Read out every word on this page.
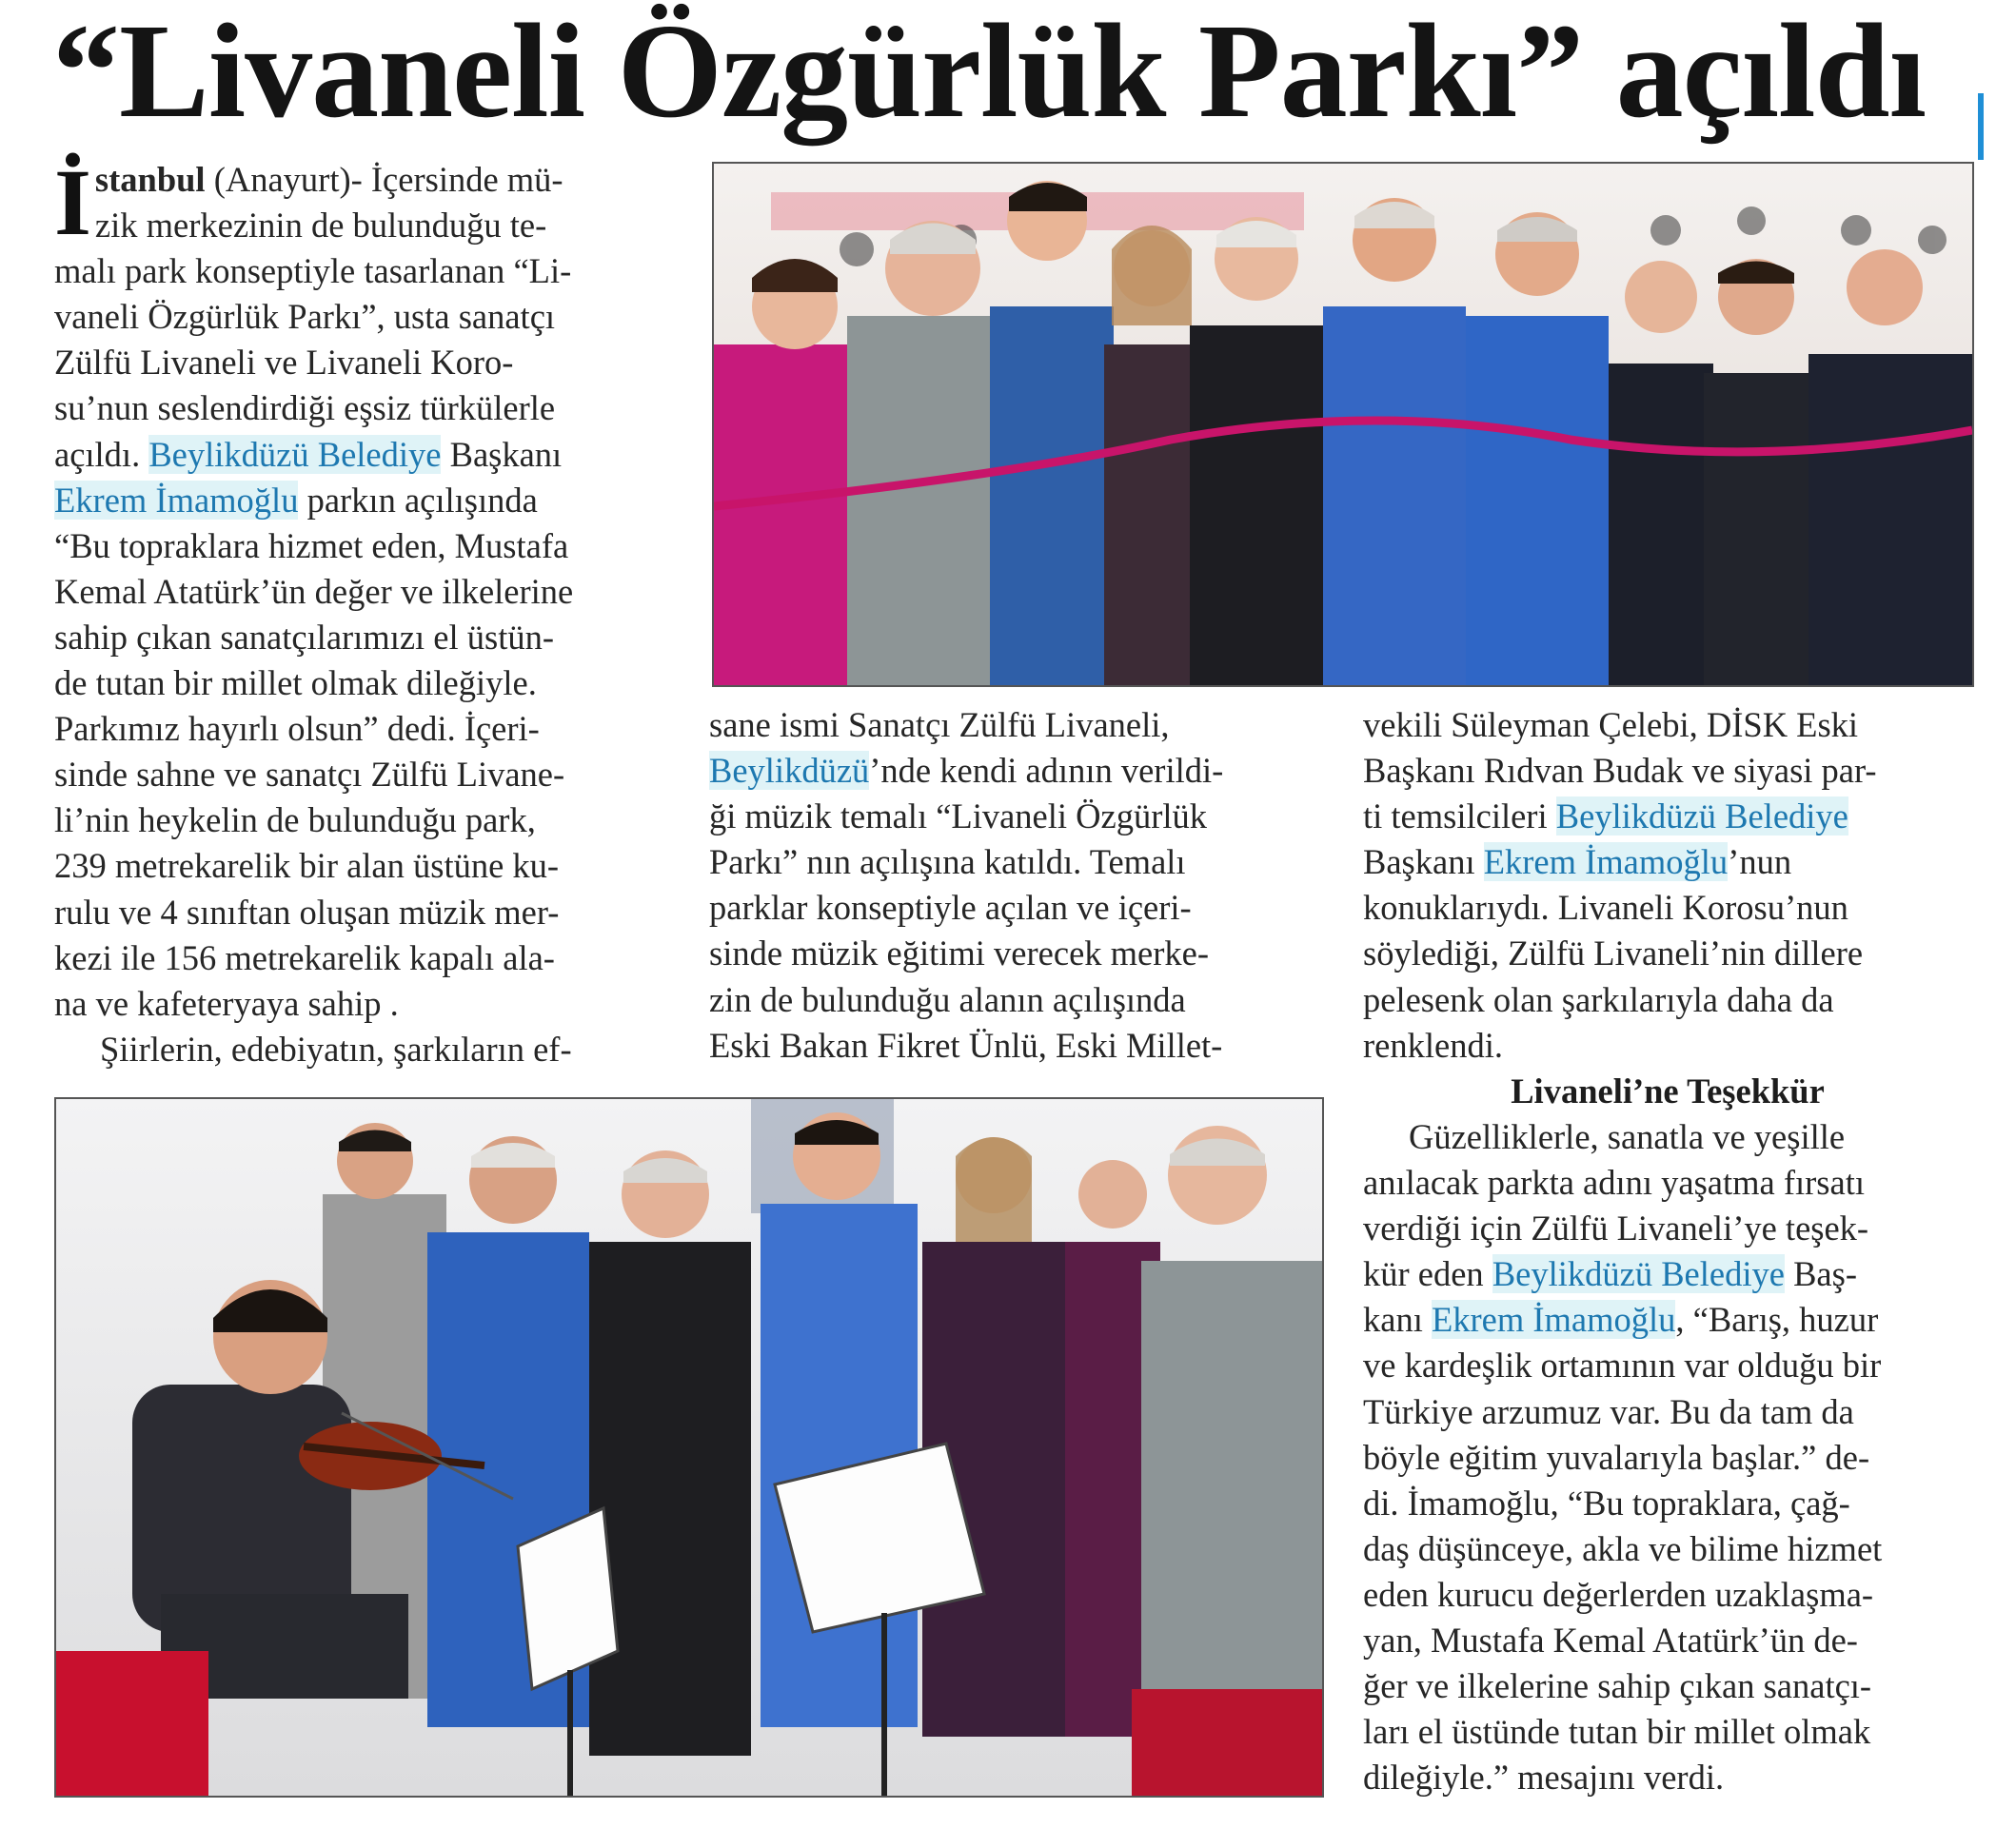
“Livaneli Özgürlük Parkı” açıldı
İ stanbul (Anayurt)- İçersinde mü-
zik merkezinin de bulunduğu te-
malı park konseptiyle tasarlanan “Li-
vaneli Özgürlük Parkı”, usta sanatçı
Zülfü Livaneli ve Livaneli Koro-
su’nun seslendirdiği eşsiz türkülerle
açıldı. Beylikdüzü Belediye Başkanı
Ekrem İmamoğlu parkın açılışında
“Bu topraklara hizmet eden, Mustafa
Kemal Atatürk’ün değer ve ilkelerine
sahip çıkan sanatçılarımızı el üstün-
de tutan bir millet olmak dileğiyle.
Parkımız hayırlı olsun” dedi. İçeri-
sinde sahne ve sanatçı Zülfü Livane-
li’nin heykelin de bulunduğu park,
239 metrekarelik bir alan üstüne ku-
rulu ve 4 sınıftan oluşan müzik mer-
kezi ile 156 metrekarelik kapalı ala-
na ve kafeteryaya sahip .
Şiirlerin, edebiyatın, şarkıların ef-
sane ismi Sanatçı Zülfü Livaneli,
Beylikdüzü’nde kendi adının verildi-
ği müzik temalı “Livaneli Özgürlük
Parkı” nın açılışına katıldı. Temalı
parklar konseptiyle açılan ve içeri-
sinde müzik eğitimi verecek merke-
zin de bulunduğu alanın açılışında
Eski Bakan Fikret Ünlü, Eski Millet-
vekili Süleyman Çelebi, DİSK Eski
Başkanı Rıdvan Budak ve siyasi par-
ti temsilcileri Beylikdüzü Belediye
Başkanı Ekrem İmamoğlu’nun
konuklarıydı. Livaneli Korosu’nun
söylediği, Zülfü Livaneli’nin dillere
pelesenk olan şarkılarıyla daha da
renklendi.
Livaneli’ne Teşekkür
Güzelliklerle, sanatla ve yeşille
anılacak parkta adını yaşatma fırsatı
verdiği için Zülfü Livaneli’ye teşek-
kür eden Beylikdüzü Belediye Baş-
kanı Ekrem İmamoğlu, “Barış, huzur
ve kardeşlik ortamının var olduğu bir
Türkiye arzumuz var. Bu da tam da
böyle eğitim yuvalarıyla başlar.” de-
di. İmamoğlu, “Bu topraklara, çağ-
daş düşünceye, akla ve bilime hizmet
eden kurucu değerlerden uzaklaşma-
yan, Mustafa Kemal Atatürk’ün de-
ğer ve ilkelerine sahip çıkan sanatçı-
ları el üstünde tutan bir millet olmak
dileğiyle.” mesajını verdi.
